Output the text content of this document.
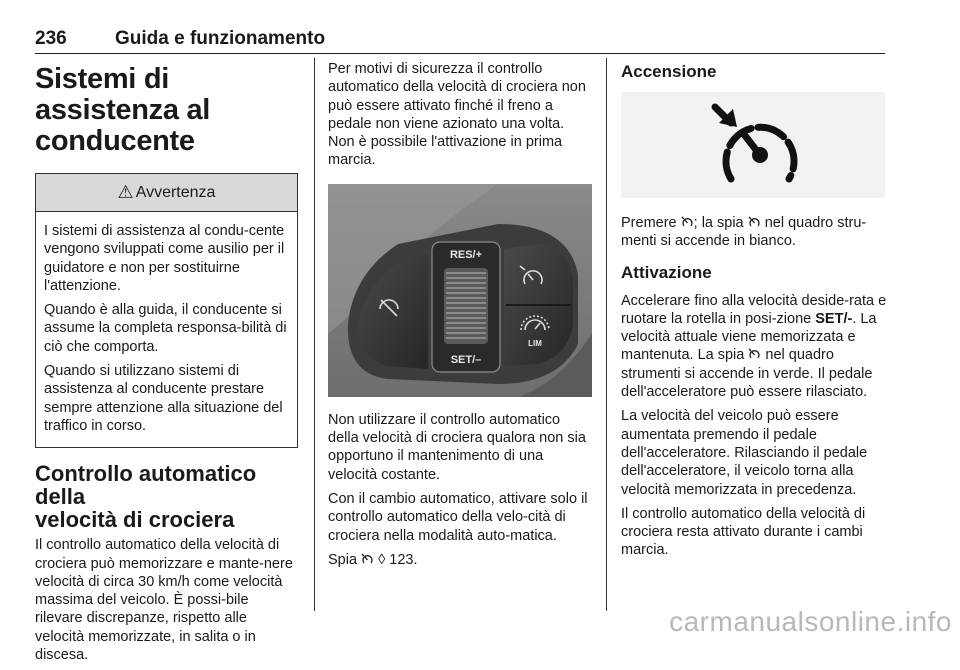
236	Guida e funzionamento
Sistemi di assistenza al
conducente
⚠ Avvertenza

I sistemi di assistenza al condu-cente vengono sviluppati come ausilio per il guidatore e non per sostituirne l'attenzione.

Quando è alla guida, il conducente si assume la completa responsa-bilità di ciò che comporta.

Quando si utilizzano sistemi di assistenza al conducente prestare sempre attenzione alla situazione del traffico in corso.

Controllo automatico della
velocità di crociera

Il controllo automatico della velocità di crociera può memorizzare e mante-nere velocità di circa 30 km/h come velocità massima del veicolo. È possi-bile rilevare discrepanze, rispetto alle velocità memorizzate, in salita o in discesa.

Per motivi di sicurezza il controllo automatico della velocità di crociera non può essere attivato finché il freno a pedale non viene azionato una volta. Non è possibile l'attivazione in prima marcia.

RES/+
SET/–
LIM

Non utilizzare il controllo automatico della velocità di crociera qualora non sia opportuno il mantenimento di una velocità costante.

Con il cambio automatico, attivare solo il controllo automatico della velo-cità di crociera nella modalità auto-matica.

Spia ◊ 123.

Accensione

Premere ; la spia nel quadro stru-menti si accende in bianco.

Attivazione

Accelerare fino alla velocità deside-rata e ruotare la rotella in posi-zione SET/-. La velocità attuale viene memorizzata e mantenuta. La spia nel quadro strumenti si accende in verde. Il pedale dell'acceleratore può essere rilasciato.

La velocità del veicolo può essere aumentata premendo il pedale dell'acceleratore. Rilasciando il pedale dell'acceleratore, il veicolo torna alla velocità memorizzata in precedenza.

Il controllo automatico della velocità di crociera resta attivato durante i cambi marcia.

carmanualsonline.info
